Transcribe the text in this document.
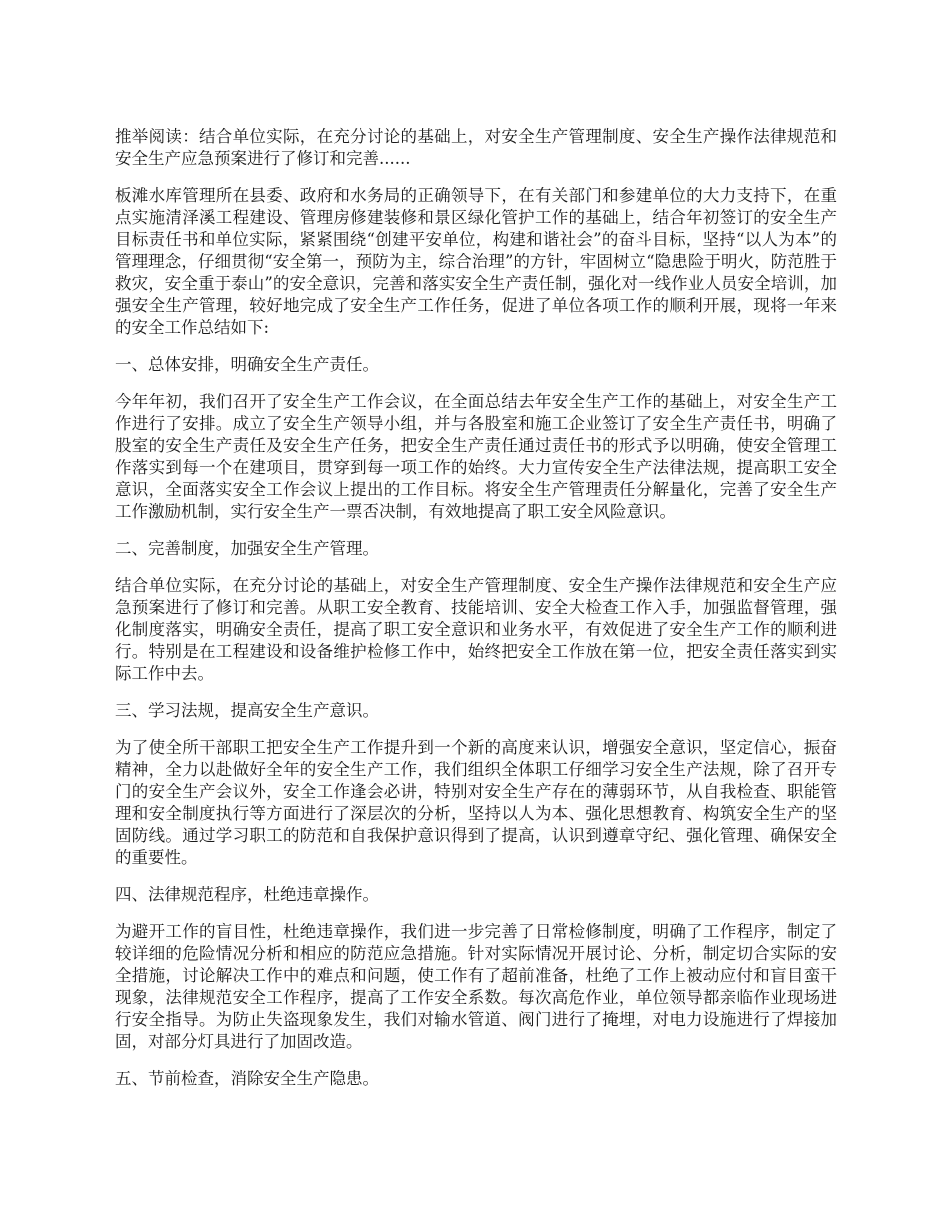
推举阅读：结合单位实际，在充分讨论的基础上，对安全生产管理制度、安全生产操作法律规范和安全生产应急预案进行了修订和完善......

板滩水库管理所在县委、政府和水务局的正确领导下，在有关部门和参建单位的大力支持下，在重点实施清泽溪工程建设、管理房修建装修和景区绿化管护工作的基础上，结合年初签订的安全生产目标责任书和单位实际，紧紧围绕“创建平安单位，构建和谐社会”的奋斗目标，坚持“以人为本”的管理理念，仔细贯彻“安全第一，预防为主，综合治理”的方针，牢固树立“隐患险于明火，防范胜于救灾，安全重于泰山”的安全意识，完善和落实安全生产责任制，强化对一线作业人员安全培训，加强安全生产管理，较好地完成了安全生产工作任务，促进了单位各项工作的顺利开展，现将一年来的安全工作总结如下:

一、总体安排，明确安全生产责任。

今年年初，我们召开了安全生产工作会议，在全面总结去年安全生产工作的基础上，对安全生产工作进行了安排。成立了安全生产领导小组，并与各股室和施工企业签订了安全生产责任书，明确了股室的安全生产责任及安全生产任务，把安全生产责任通过责任书的形式予以明确，使安全管理工作落实到每一个在建项目，贯穿到每一项工作的始终。大力宣传安全生产法律法规，提高职工安全意识，全面落实安全工作会议上提出的工作目标。将安全生产管理责任分解量化，完善了安全生产工作激励机制，实行安全生产一票否决制，有效地提高了职工安全风险意识。

二、完善制度，加强安全生产管理。

结合单位实际，在充分讨论的基础上，对安全生产管理制度、安全生产操作法律规范和安全生产应急预案进行了修订和完善。从职工安全教育、技能培训、安全大检查工作入手，加强监督管理，强化制度落实，明确安全责任，提高了职工安全意识和业务水平，有效促进了安全生产工作的顺利进行。特别是在工程建设和设备维护检修工作中，始终把安全工作放在第一位，把安全责任落实到实际工作中去。

三、学习法规，提高安全生产意识。

为了使全所干部职工把安全生产工作提升到一个新的高度来认识，增强安全意识，坚定信心，振奋精神，全力以赴做好全年的安全生产工作，我们组织全体职工仔细学习安全生产法规，除了召开专门的安全生产会议外，安全工作逢会必讲，特别对安全生产存在的薄弱环节，从自我检查、职能管理和安全制度执行等方面进行了深层次的分析，坚持以人为本、强化思想教育、构筑安全生产的坚固防线。通过学习职工的防范和自我保护意识得到了提高，认识到遵章守纪、强化管理、确保安全的重要性。

四、法律规范程序，杜绝违章操作。

为避开工作的盲目性，杜绝违章操作，我们进一步完善了日常检修制度，明确了工作程序，制定了较详细的危险情况分析和相应的防范应急措施。针对实际情况开展讨论、分析，制定切合实际的安全措施，讨论解决工作中的难点和问题，使工作有了超前准备，杜绝了工作上被动应付和盲目蛮干现象，法律规范安全工作程序，提高了工作安全系数。每次高危作业，单位领导都亲临作业现场进行安全指导。为防止失盗现象发生，我们对输水管道、阀门进行了掩埋，对电力设施进行了焊接加固，对部分灯具进行了加固改造。

五、节前检查，消除安全生产隐患。
